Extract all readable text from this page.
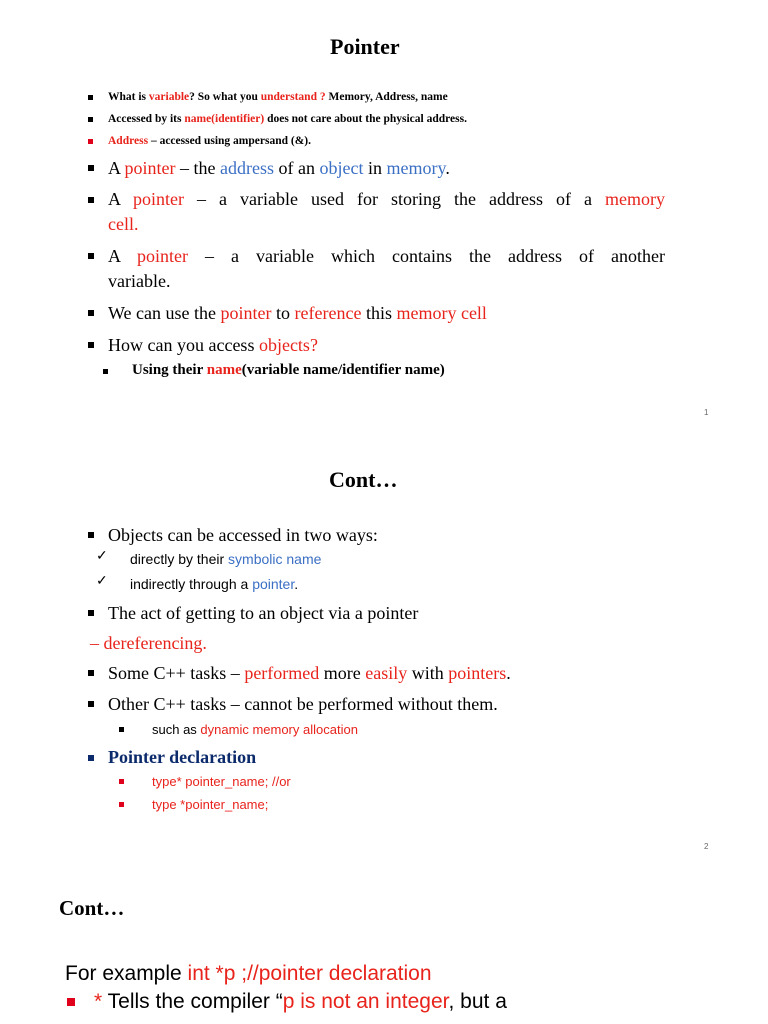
Pointer
What is variable? So what you understand ? Memory, Address, name
Accessed by its name(identifier) does not care about the physical address.
Address – accessed using ampersand (&).
A pointer – the address of an object in memory.
A pointer – a variable used for storing the address of a memory
cell.
A pointer – a variable which contains the address of another
variable.
We can use the pointer to reference this memory cell
How can you access objects?
Using their name(variable name/identifier name)
1
Cont…
Objects can be accessed in two ways:
✓ directly by their symbolic name
✓ indirectly through a pointer.
The act of getting to an object via a pointer
– dereferencing.
Some C++ tasks – performed more easily with pointers.
Other C++ tasks – cannot be performed without them.
such as dynamic memory allocation
Pointer declaration
type* pointer_name; //or
type *pointer_name;
2
Cont…
For example int *p ;//pointer declaration
* Tells the compiler “p is not an integer, but a
